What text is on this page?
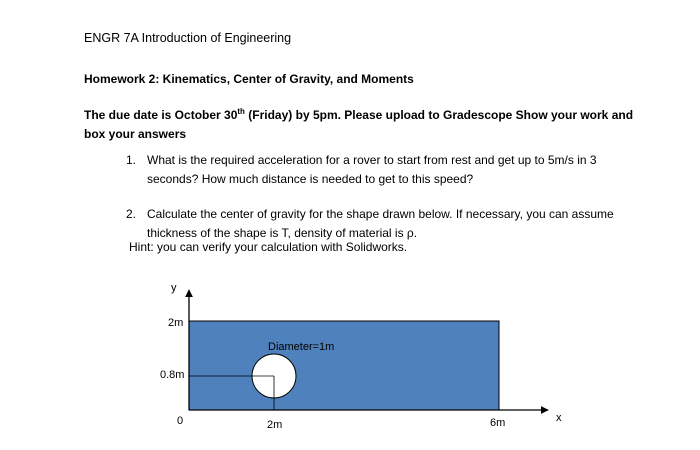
ENGR 7A Introduction of Engineering
Homework 2: Kinematics, Center of Gravity, and Moments
The due date is October 30th (Friday) by 5pm. Please upload to Gradescope Show your work and box your answers
1. What is the required acceleration for a rover to start from rest and get up to 5m/s in 3 seconds? How much distance is needed to get to this speed?
2. Calculate the center of gravity for the shape drawn below. If necessary, you can assume thickness of the shape is T, density of material is ρ.
Hint: you can verify your calculation with Solidworks.
y
x
2m
0.8m
0	2m	6m
Diameter=1m
